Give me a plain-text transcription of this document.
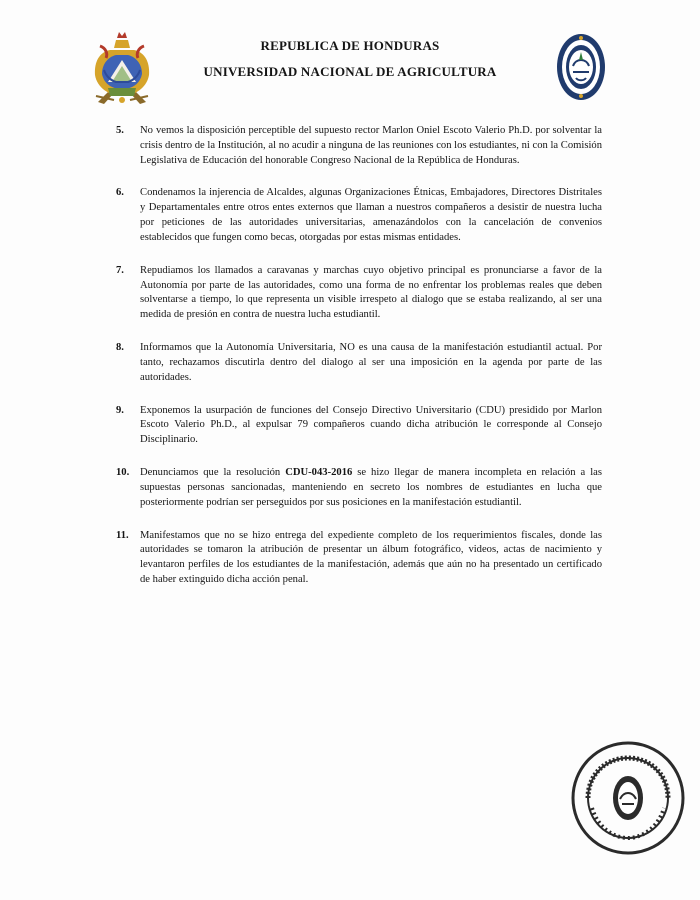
REPUBLICA DE HONDURAS
UNIVERSIDAD NACIONAL DE AGRICULTURA

5. No vemos la disposición perceptible del supuesto rector Marlon Oniel Escoto Valerio Ph.D. por solventar la crisis dentro de la Institución, al no acudir a ninguna de las reuniones con los estudiantes, ni con la Comisión Legislativa de Educación del honorable Congreso Nacional de la República de Honduras.

6. Condenamos la injerencia de Alcaldes, algunas Organizaciones Étnicas, Embajadores, Directores Distritales y Departamentales entre otros entes externos que llaman a nuestros compañeros a desistir de nuestra lucha por peticiones de las autoridades universitarias, amenazándolos con la cancelación de convenios establecidos que fungen como becas, otorgadas por estas mismas entidades.

7. Repudiamos los llamados a caravanas y marchas cuyo objetivo principal es pronunciarse a favor de la Autonomía por parte de las autoridades, como una forma de no enfrentar los problemas reales que deben solventarse a tiempo, lo que representa un visible irrespeto al dialogo que se estaba realizando, al ser una medida de presión en contra de nuestra lucha estudiantil.

8. Informamos que la Autonomía Universitaria, NO es una causa de la manifestación estudiantil actual. Por tanto, rechazamos discutirla dentro del dialogo al ser una imposición en la agenda por parte de las autoridades.

9. Exponemos la usurpación de funciones del Consejo Directivo Universitario (CDU) presidido por Marlon Escoto Valerio Ph.D., al expulsar 79 compañeros cuando dicha atribución le corresponde al Consejo Disciplinario.

10. Denunciamos que la resolución CDU-043-2016 se hizo llegar de manera incompleta en relación a las supuestas personas sancionadas, manteniendo en secreto los nombres de estudiantes en lucha que posteriormente podrían ser perseguidos por sus posiciones en la manifestación estudiantil.

11. Manifestamos que no se hizo entrega del expediente completo de los requerimientos fiscales, donde las autoridades se tomaron la atribución de presentar un álbum fotográfico, videos, actas de nacimiento y levantaron perfiles de los estudiantes de la manifestación, además que aún no ha presentado un certificado de haber extinguido dicha acción penal.
